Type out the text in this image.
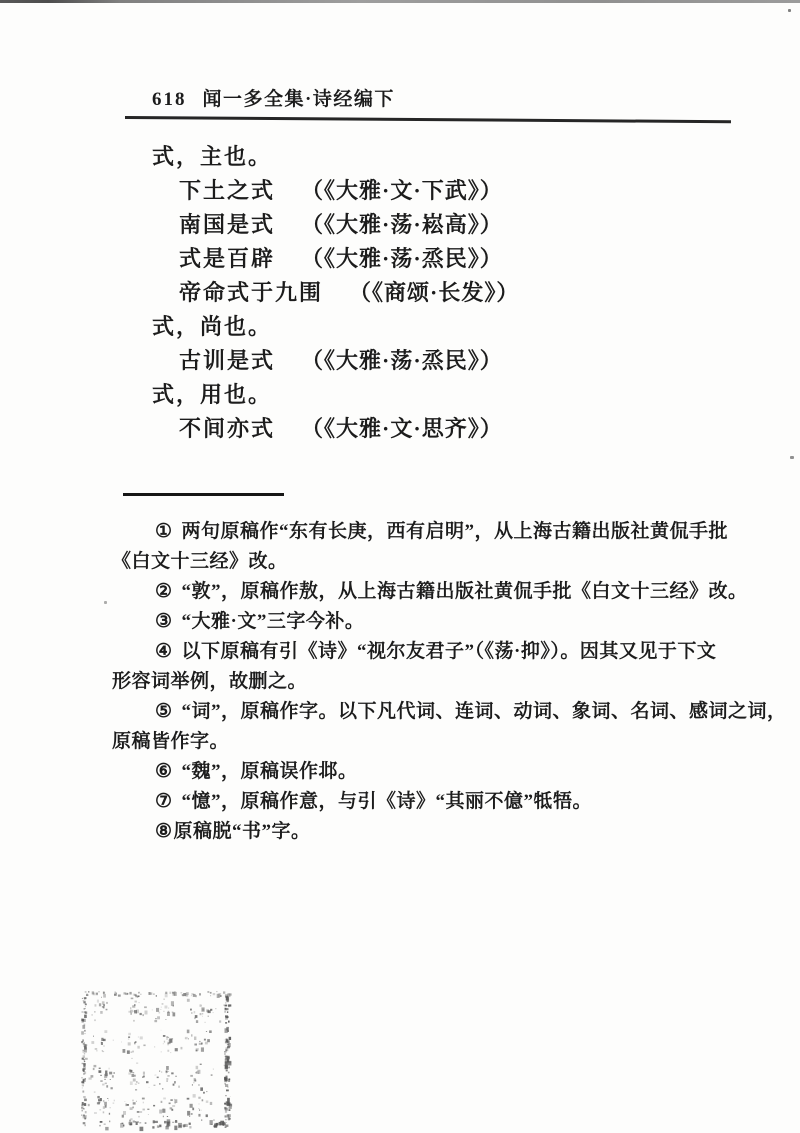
618 闻一多全集·诗经编下
式，主也。
下土之式 （《大雅·文·下武》）
南国是式 （《大雅·荡·崧高》）
式是百辟 （《大雅·荡·烝民》）
帝命式于九围 （《商颂·长发》）
式，尚也。
古训是式 （《大雅·荡·烝民》）
式，用也。
不间亦式 （《大雅·文·思齐》）
① 两句原稿作“东有长庚，西有启明”，从上海古籍出版社黄侃手批
《白文十三经》改。
② “敦”，原稿作敖，从上海古籍出版社黄侃手批《白文十三经》改。
③ “大雅·文”三字今补。
④ 以下原稿有引《诗》“视尔友君子”（《荡·抑》）。因其又见于下文
形容词举例，故删之。
⑤ “词”，原稿作字。以下凡代词、连词、动词、象词、名词、感词之词，
原稿皆作字。
⑥ “魏”，原稿误作邶。
⑦ “憶”，原稿作意，与引《诗》“其丽不億”牴牾。
⑧原稿脱“书”字。
